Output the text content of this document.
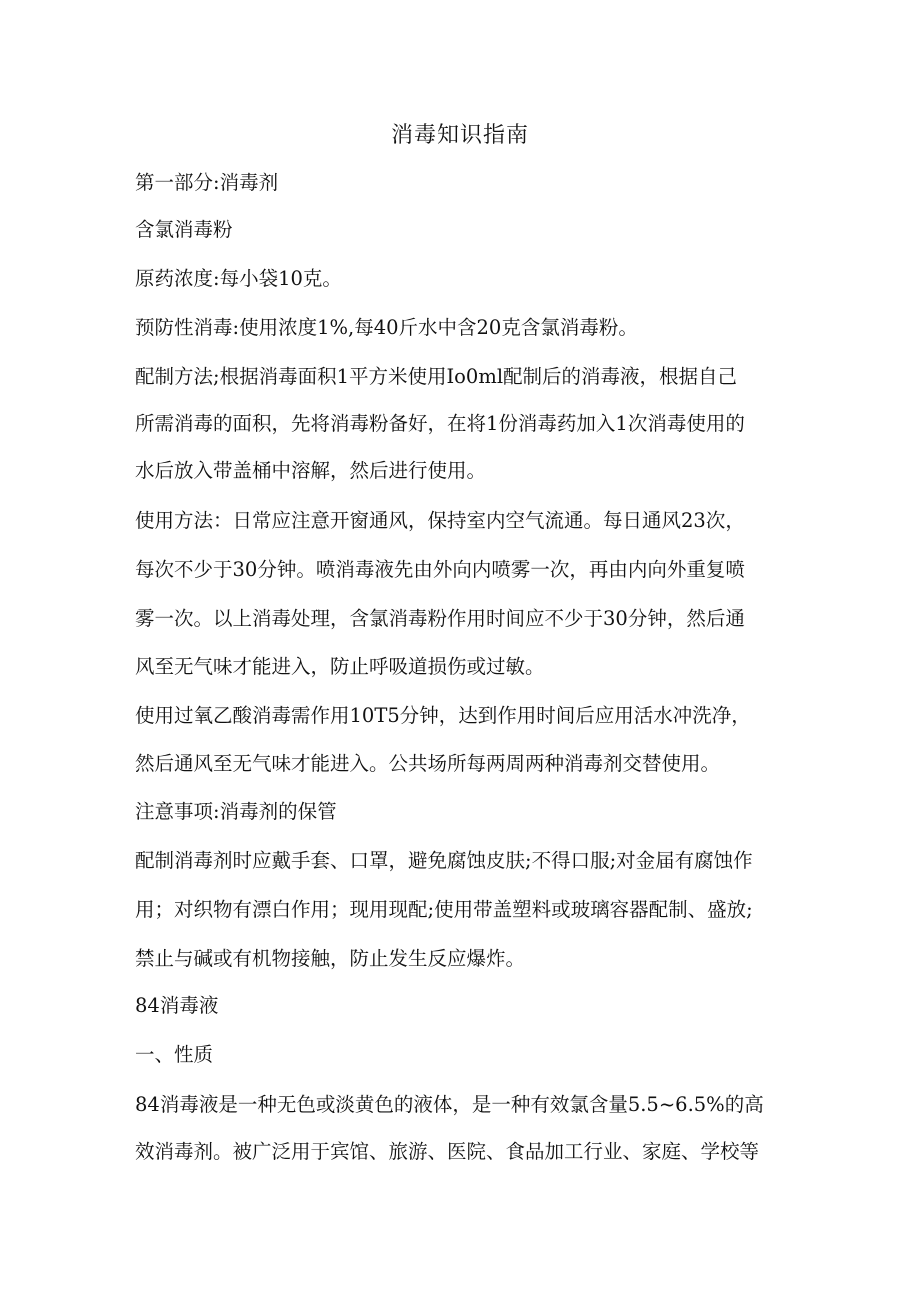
消毒知识指南
第一部分:消毒剂
含氯消毒粉
原药浓度:每小袋10克。
预防性消毒:使用浓度1%,每40斤水中含20克含氯消毒粉。
配制方法;根据消毒面积1平方米使用Io0ml配制后的消毒液，根据自己
所需消毒的面积，先将消毒粉备好，在将1份消毒药加入1次消毒使用的
水后放入带盖桶中溶解，然后进行使用。
使用方法：日常应注意开窗通风，保持室内空气流通。每日通风23次，
每次不少于30分钟。喷消毒液先由外向内喷雾一次，再由内向外重复喷
雾一次。以上消毒处理，含氯消毒粉作用时间应不少于30分钟，然后通
风至无气味才能进入，防止呼吸道损伤或过敏。
使用过氧乙酸消毒需作用10T5分钟，达到作用时间后应用活水冲洗净，
然后通风至无气味才能进入。公共场所每两周两种消毒剂交替使用。
注意事项:消毒剂的保管
配制消毒剂时应戴手套、口罩，避免腐蚀皮肤;不得口服;对金届有腐蚀作
用；对织物有漂白作用；现用现配;使用带盖塑料或玻璃容器配制、盛放;
禁止与碱或有机物接触，防止发生反应爆炸。
84消毒液
一、性质
84消毒液是一种无色或淡黄色的液体，是一种有效氯含量5.5~6.5%的高
效消毒剂。被广泛用于宾馆、旅游、医院、食品加工行业、家庭、学校等
